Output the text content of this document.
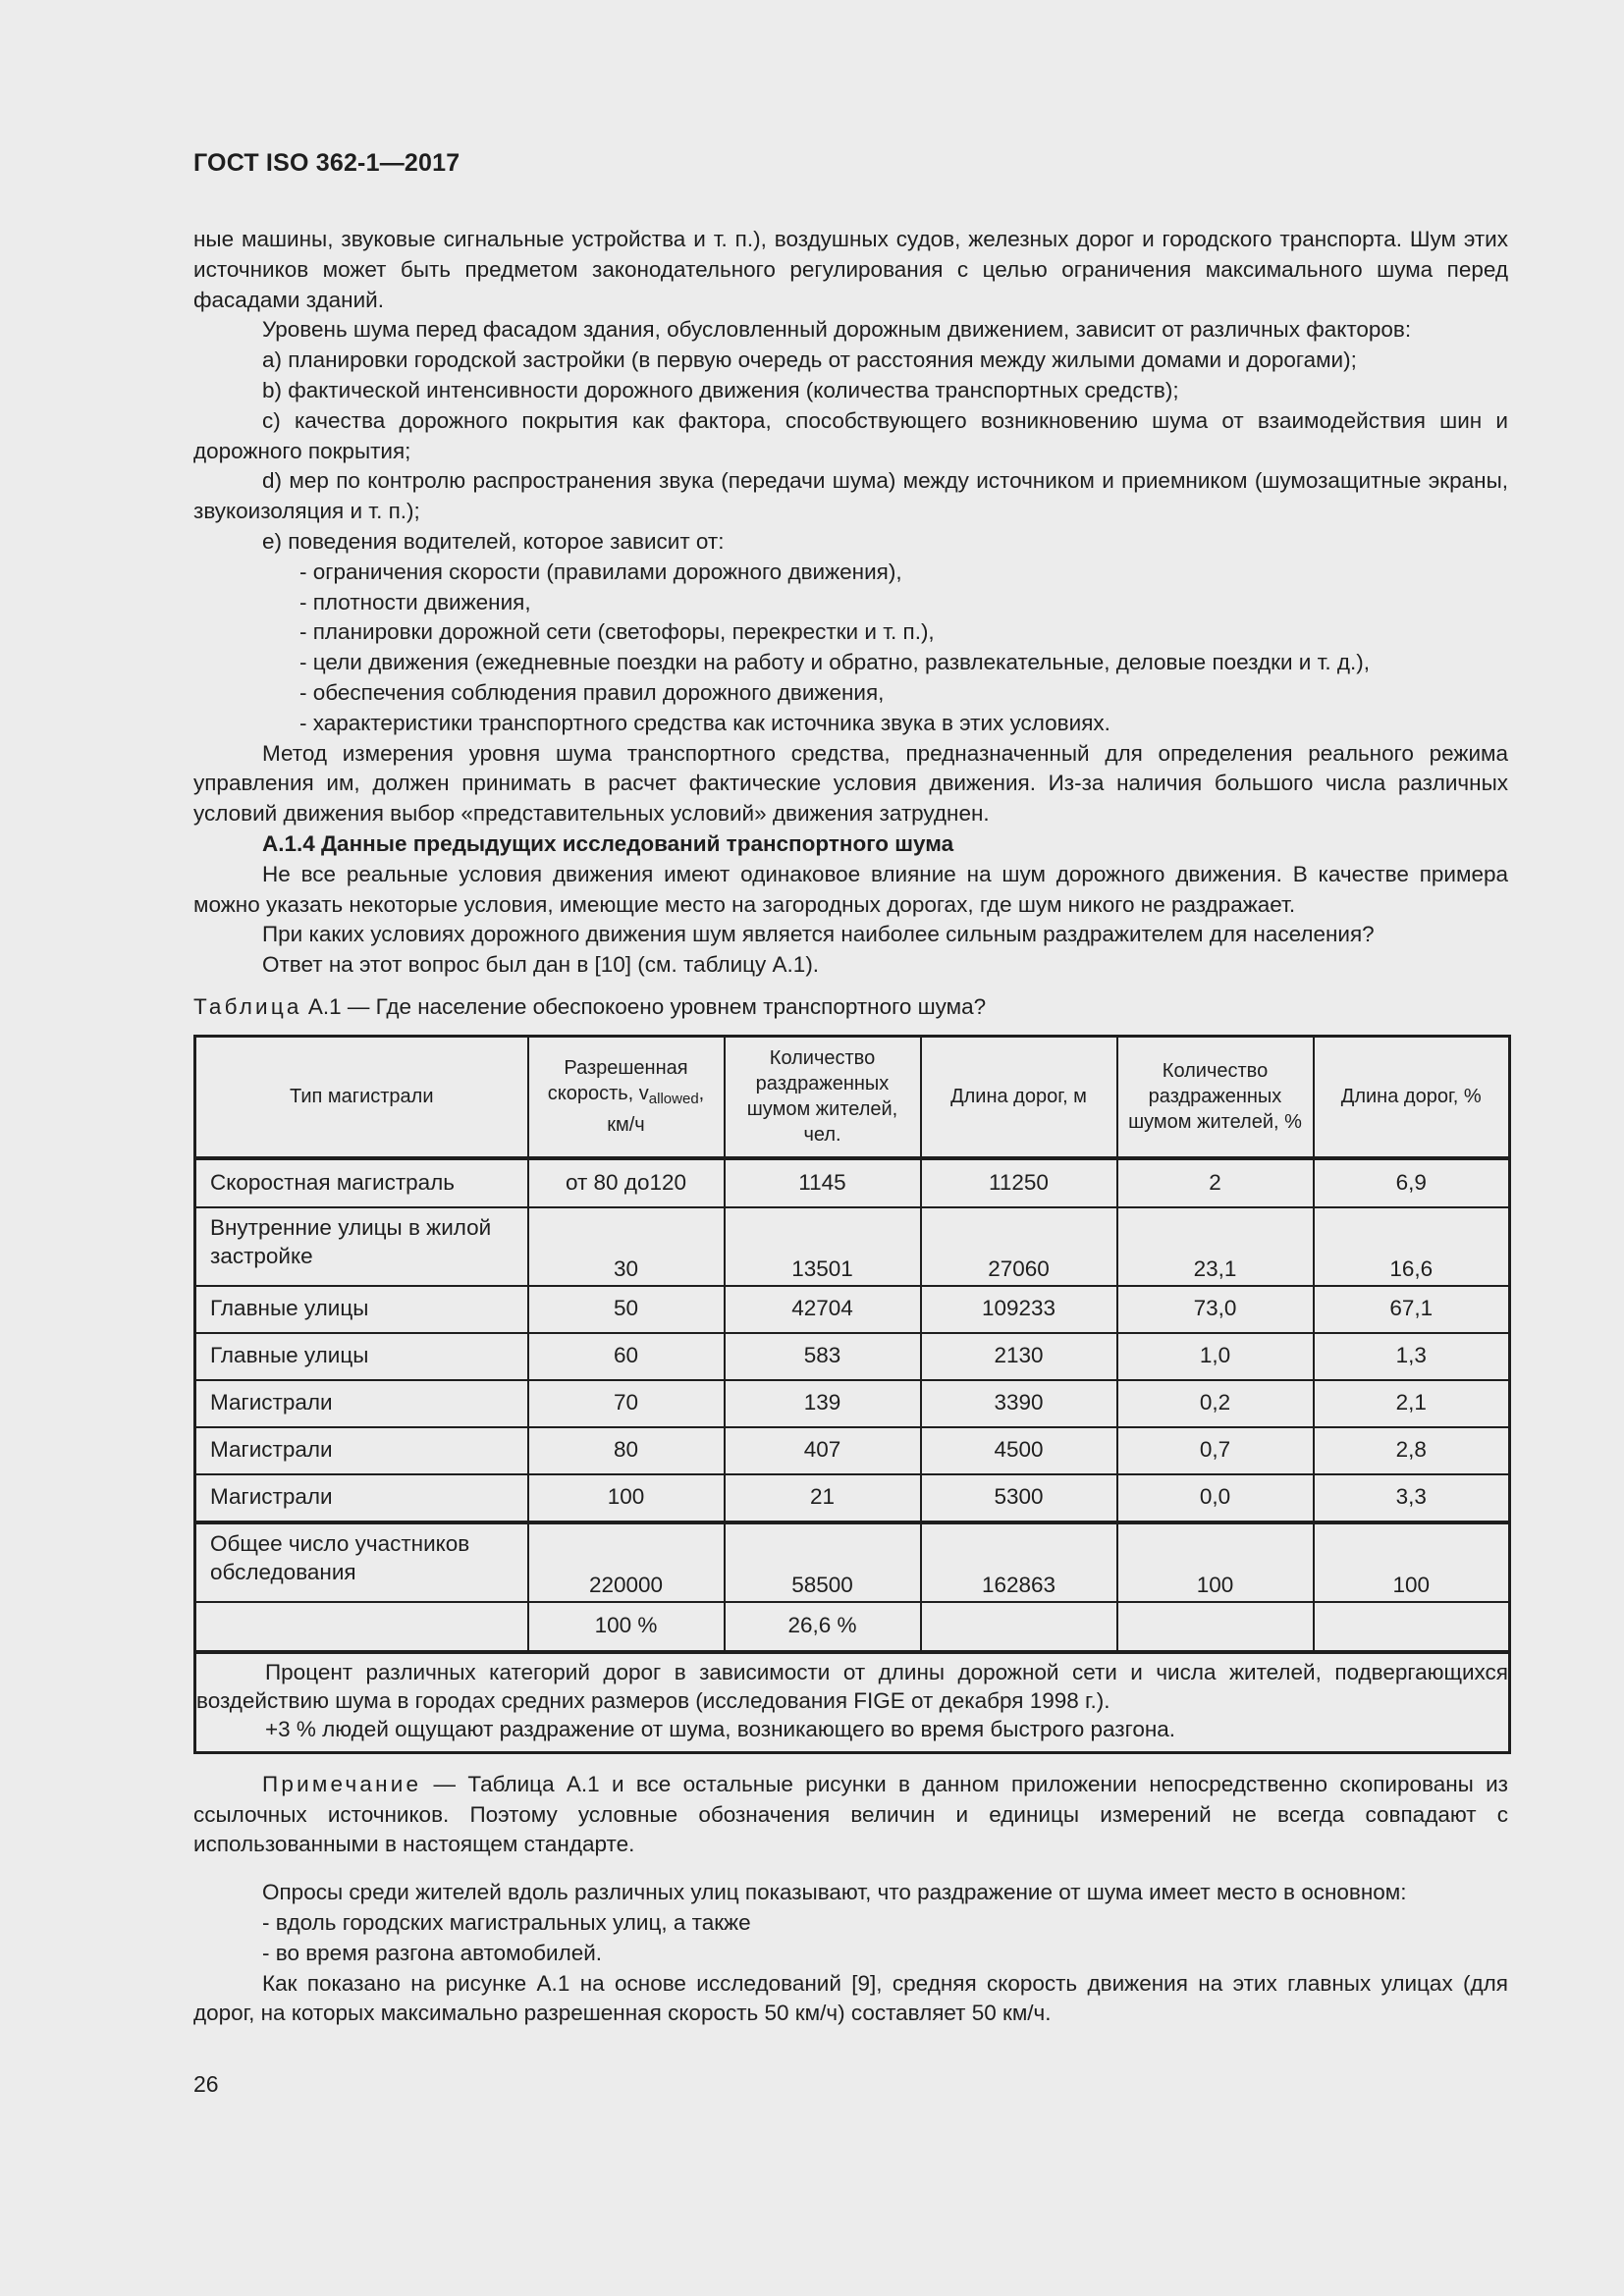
ГОСТ ISO 362-1—2017

ные машины, звуковые сигнальные устройства и т. п.), воздушных судов, железных дорог и городского транспорта. Шум этих источников может быть предметом законодательного регулирования с целью ограничения максимального шума перед фасадами зданий.

Уровень шума перед фасадом здания, обусловленный дорожным движением, зависит от различных факторов:

a) планировки городской застройки (в первую очередь от расстояния между жилыми домами и дорогами);

b) фактической интенсивности дорожного движения (количества транспортных средств);

c) качества дорожного покрытия как фактора, способствующего возникновению шума от взаимодействия шин и дорожного покрытия;

d) мер по контролю распространения звука (передачи шума) между источником и приемником (шумозащитные экраны, звукоизоляция и т. п.);

e) поведения водителей, которое зависит от:

- ограничения скорости (правилами дорожного движения),

- плотности движения,

- планировки дорожной сети (светофоры, перекрестки и т. п.),

- цели движения (ежедневные поездки на работу и обратно, развлекательные, деловые поездки и т. д.),

- обеспечения соблюдения правил дорожного движения,

- характеристики транспортного средства как источника звука в этих условиях.

Метод измерения уровня шума транспортного средства, предназначенный для определения реального режима управления им, должен принимать в расчет фактические условия движения. Из-за наличия большого числа различных условий движения выбор «представительных условий» движения затруднен.

А.1.4 Данные предыдущих исследований транспортного шума

Не все реальные условия движения имеют одинаковое влияние на шум дорожного движения. В качестве примера можно указать некоторые условия, имеющие место на загородных дорогах, где шум никого не раздражает.

При каких условиях дорожного движения шум является наиболее сильным раздражителем для населения?

Ответ на этот вопрос был дан в [10] (см. таблицу А.1).

Таблица А.1 — Где население обеспокоено уровнем транспортного шума?

Тип магистрали	Разрешенная скорость, $v_{allowed}$, км/ч	Количество раздраженных шумом жителей, чел.	Длина дорог, м	Количество раздраженных шумом жителей, %	Длина дорог, %
Скоростная магистраль	от 80 до120	1145	11250	2	6,9
Внутренние улицы в жилой застройке	30	13501	27060	23,1	16,6
Главные улицы	50	42704	109233	73,0	67,1
Главные улицы	60	583	2130	1,0	1,3
Магистрали	70	139	3390	0,2	2,1
Магистрали	80	407	4500	0,7	2,8
Магистрали	100	21	5300	0,0	3,3
Общее число участников обследования	220000	58500	162863	100	100
	100 %	26,6 %			

Процент различных категорий дорог в зависимости от длины дорожной сети и числа жителей, подвергающихся воздействию шума в городах средних размеров (исследования FIGE от декабря 1998 г.).

+3 % людей ощущают раздражение от шума, возникающего во время быстрого разгона.					

Примечание — Таблица А.1 и все остальные рисунки в данном приложении непосредственно скопированы из ссылочных источников. Поэтому условные обозначения величин и единицы измерений не всегда совпадают с использованными в настоящем стандарте.

Опросы среди жителей вдоль различных улиц показывают, что раздражение от шума имеет место в основном:

- вдоль городских магистральных улиц, а также

- во время разгона автомобилей.

Как показано на рисунке А.1 на основе исследований [9], средняя скорость движения на этих главных улицах (для дорог, на которых максимально разрешенная скорость 50 км/ч) составляет 50 км/ч.

26
